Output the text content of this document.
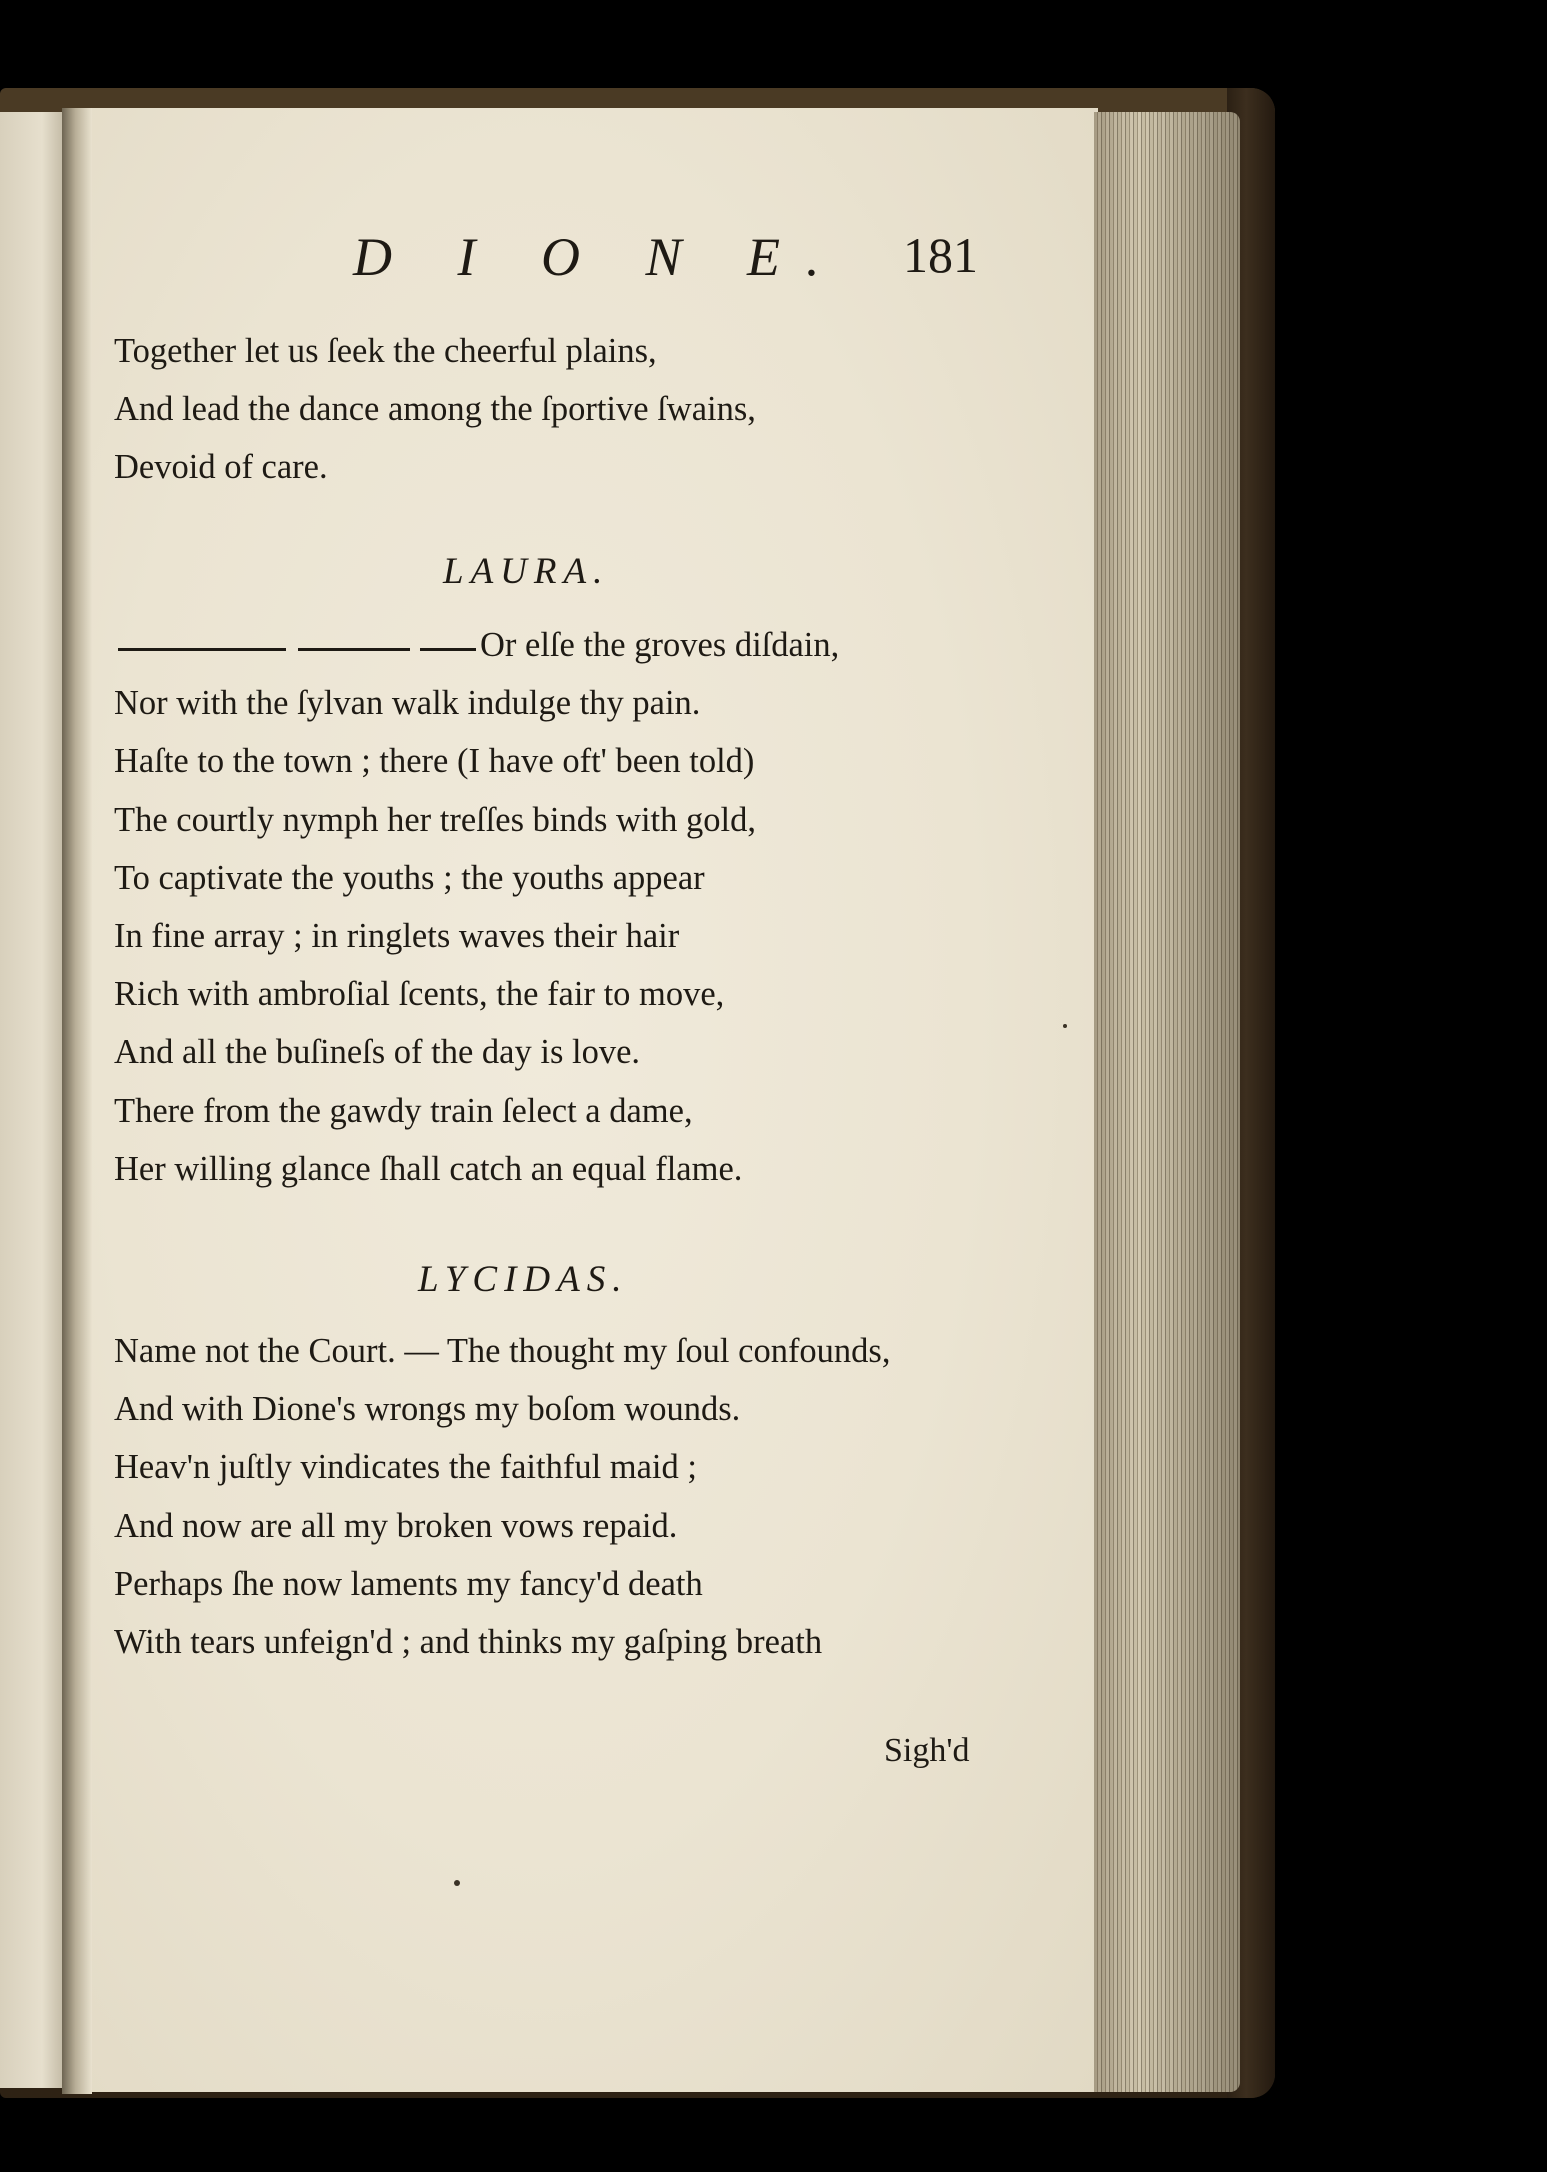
D I O N E. 181
Together let us ſeek the cheerful plains,
And lead the dance among the ſportive ſwains,
Devoid of care.
LAURA.
Or elſe the groves diſdain,
Nor with the ſylvan walk indulge thy pain.
Haſte to the town ; there (I have oft' been told)
The courtly nymph her treſſes binds with gold,
To captivate the youths ; the youths appear
In fine array ; in ringlets waves their hair
Rich with ambroſial ſcents, the fair to move,
And all the buſineſs of the day is love.
There from the gawdy train ſelect a dame,
Her willing glance ſhall catch an equal flame.
LYCIDAS.
Name not the Court. — The thought my ſoul confounds,
And with Dione's wrongs my boſom wounds.
Heav'n juſtly vindicates the faithful maid ;
And now are all my broken vows repaid.
Perhaps ſhe now laments my fancy'd death
With tears unfeign'd ; and thinks my gaſping breath
Sigh'd
